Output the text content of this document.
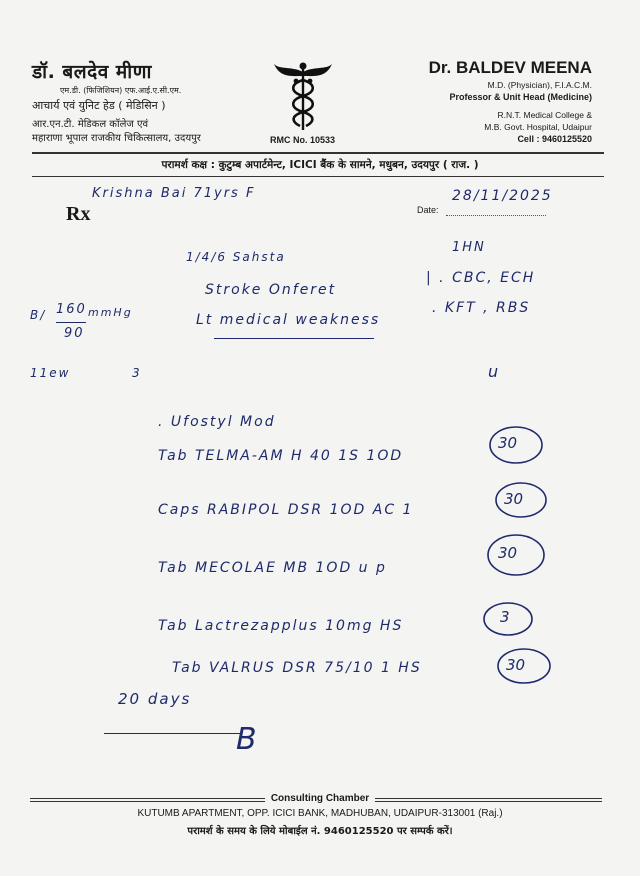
डॉ. बलदेव मीणा
एम.डी. (फिजिशियन) एफ.आई.ए.सी.एम.
आचार्य एवं युनिट हेड ( मेडिसिन )
आर.एन.टी. मेडिकल कॉलेज एवं
महाराणा भूपाल राजकीय चिकित्सालय, उदयपुर	RMC No. 10533
Dr. BALDEV MEENA
M.D. (Physician), F.I.A.C.M.
Professor & Unit Head (Medicine)
R.N.T. Medical College &
M.B. Govt. Hospital, Udaipur
Cell : 9460125520
परामर्श कक्ष : कुटुम्ब अपार्टमेन्ट, ICICI बैंक के सामने, मधुबन, उदयपुर ( राज. )
Rx	Date:
Krishna Bai 71yrs F	28/11/2025
1/4/6 Sahsta
Stroke Onferet
Lt medical weakness
1HN
| . CBC, ECH
. KFT , RBS
B/ 160
90
mmHg
11ew	3	u
. Ufostyl Mod
Tab TELMA-AM H 40 1S 1OD
30
Caps RABIPOL DSR 1OD AC 1
30
Tab MECOLAE MB 1OD u p
30
Tab Lactrezapplus 10mg HS	3
Tab VALRUS DSR 75/10 1 HS	30
20 days
B
Consulting Chamber
KUTUMB APARTMENT, OPP. ICICI BANK, MADHUBAN, UDAIPUR-313001 (Raj.)
परामर्श के समय के लिये मोबाईल नं. 9460125520 पर सम्पर्क करें।
